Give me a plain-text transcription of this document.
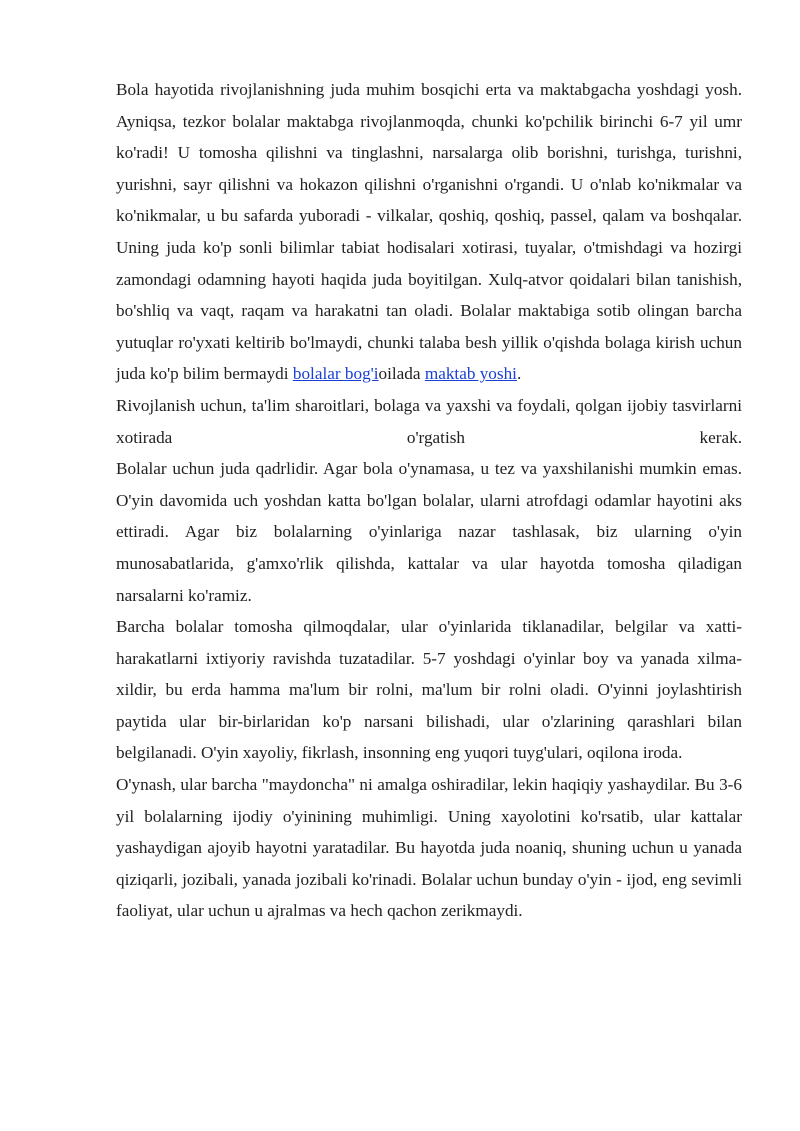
Bola hayotida rivojlanishning juda muhim bosqichi erta va maktabgacha yoshdagi yosh. Ayniqsa, tezkor bolalar maktabga rivojlanmoqda, chunki ko'pchilik birinchi 6-7 yil umr ko'radi! U tomosha qilishni va tinglashni, narsalarga olib borishni, turishga, turishni, yurishni, sayr qilishni va hokazon qilishni o'rganishni o'rgandi. U o'nlab ko'nikmalar va ko'nikmalar, u bu safarda yuboradi - vilkalar, qoshiq, qoshiq, passel, qalam va boshqalar. Uning juda ko'p sonli bilimlar tabiat hodisalari xotirasi, tuyalar, o'tmishdagi va hozirgi zamondagi odamning hayoti haqida juda boyitilgan. Xulq-atvor qoidalari bilan tanishish, bo'shliq va vaqt, raqam va harakatni tan oladi. Bolalar maktabiga sotib olingan barcha yutuqlar ro'yxati keltirib bo'lmaydi, chunki talaba besh yillik o'qishda bolaga kirish uchun juda ko'p bilim bermaydi bolalar bog'ioilada maktab yoshi.

Rivojlanish uchun, ta'lim sharoitlari, bolaga va yaxshi va foydali, qolgan ijobiy tasvirlarni xotirada o'rgatish kerak.

Bolalar uchun juda qadrlidir. Agar bola o'ynamasa, u tez va yaxshilanishi mumkin emas. O'yin davomida uch yoshdan katta bo'lgan bolalar, ularni atrofdagi odamlar hayotini aks ettiradi. Agar biz bolalarning o'yinlariga nazar tashlasak, biz ularning o'yin munosabatlarida, g'amxo'rlik qilishda, kattalar va ular hayotda tomosha qiladigan narsalarni ko'ramiz.

Barcha bolalar tomosha qilmoqdalar, ular o'yinlarida tiklanadilar, belgilar va xatti-harakatlarni ixtiyoriy ravishda tuzatadilar. 5-7 yoshdagi o'yinlar boy va yanada xilma-xildir, bu erda hamma ma'lum bir rolni, ma'lum bir rolni oladi. O'yinni joylashtirish paytida ular bir-birlaridan ko'p narsani bilishadi, ular o'zlarining qarashlari bilan belgilanadi. O'yin xayoliy, fikrlash, insonning eng yuqori tuyg'ulari, oqilona iroda.

O'ynash, ular barcha "maydoncha" ni amalga oshiradilar, lekin haqiqiy yashaydilar. Bu 3-6 yil bolalarning ijodiy o'yinining muhimligi. Uning xayolotini ko'rsatib, ular kattalar yashaydigan ajoyib hayotni yaratadilar. Bu hayotda juda noaniq, shuning uchun u yanada qiziqarli, jozibali, yanada jozibali ko'rinadi. Bolalar uchun bunday o'yin - ijod, eng sevimli faoliyat, ular uchun u ajralmas va hech qachon zerikmaydi.
